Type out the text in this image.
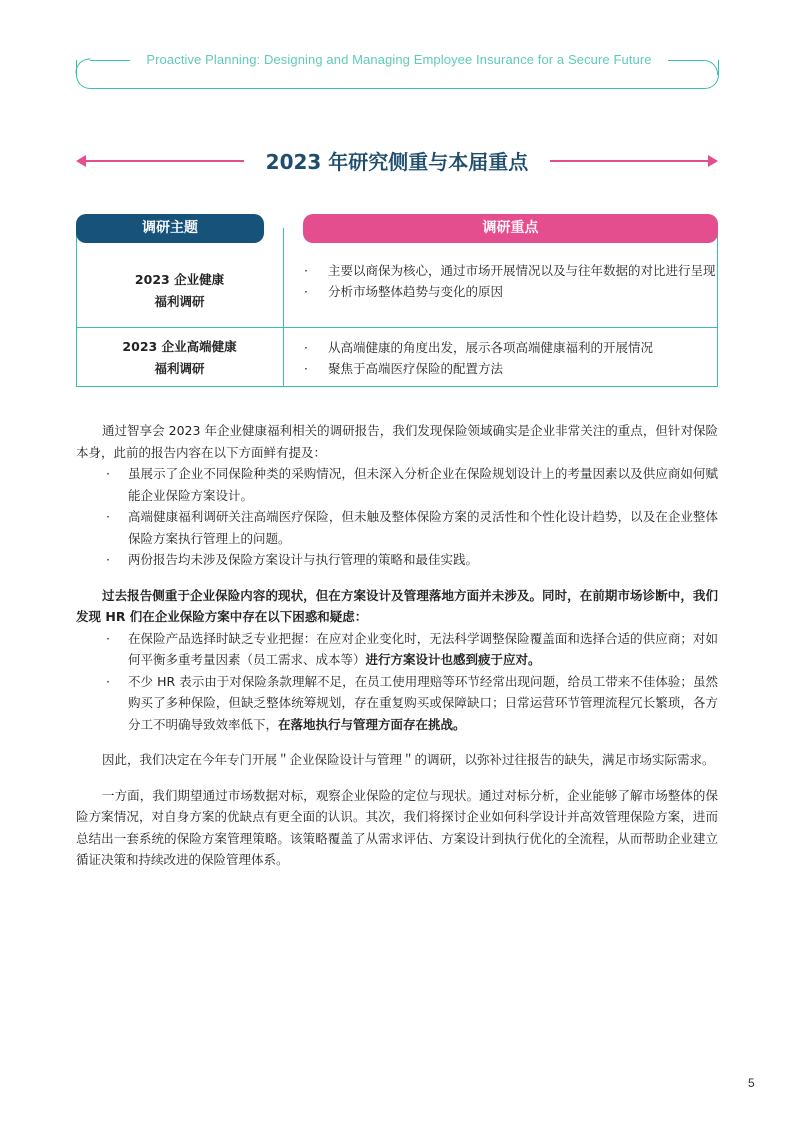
Proactive Planning: Designing and Managing Employee Insurance for a Secure Future
2023 年研究侧重与本届重点
调研主题	调研重点
2023 企业健康
福利调研
· 主要以商保为核心，通过市场开展情况以及与往年数据的对比进行呈现
· 分析市场整体趋势与变化的原因
2023 企业高端健康
福利调研
· 从高端健康的角度出发，展示各项高端健康福利的开展情况
· 聚焦于高端医疗保险的配置方法

通过智享会 2023 年企业健康福利相关的调研报告，我们发现保险领域确实是企业非常关注的重点，但针对保险本身，此前的报告内容在以下方面鲜有提及：

· 虽展示了企业不同保险种类的采购情况，但未深入分析企业在保险规划设计上的考量因素以及供应商如何赋能企业保险方案设计。
· 高端健康福利调研关注高端医疗保险，但未触及整体保险方案的灵活性和个性化设计趋势，以及在企业整体保险方案执行管理上的问题。
· 两份报告均未涉及保险方案设计与执行管理的策略和最佳实践。

过去报告侧重于企业保险内容的现状，但在方案设计及管理落地方面并未涉及。同时，在前期市场诊断中，我们发现 HR 们在企业保险方案中存在以下困惑和疑虑：

· 在保险产品选择时缺乏专业把握：在应对企业变化时，无法科学调整保险覆盖面和选择合适的供应商；对如何平衡多重考量因素（员工需求、成本等）进行方案设计也感到疲于应对。
· 不少 HR 表示由于对保险条款理解不足，在员工使用理赔等环节经常出现问题，给员工带来不佳体验；虽然购买了多种保险，但缺乏整体统筹规划，存在重复购买或保障缺口；日常运营环节管理流程冗长繁琐，各方分工不明确导致效率低下，在落地执行与管理方面存在挑战。

因此，我们决定在今年专门开展＂企业保险设计与管理＂的调研，以弥补过往报告的缺失，满足市场实际需求。

一方面，我们期望通过市场数据对标，观察企业保险的定位与现状。通过对标分析，企业能够了解市场整体的保险方案情况，对自身方案的优缺点有更全面的认识。其次，我们将探讨企业如何科学设计并高效管理保险方案，进而总结出一套系统的保险方案管理策略。该策略覆盖了从需求评估、方案设计到执行优化的全流程，从而帮助企业建立循证决策和持续改进的保险管理体系。

5
